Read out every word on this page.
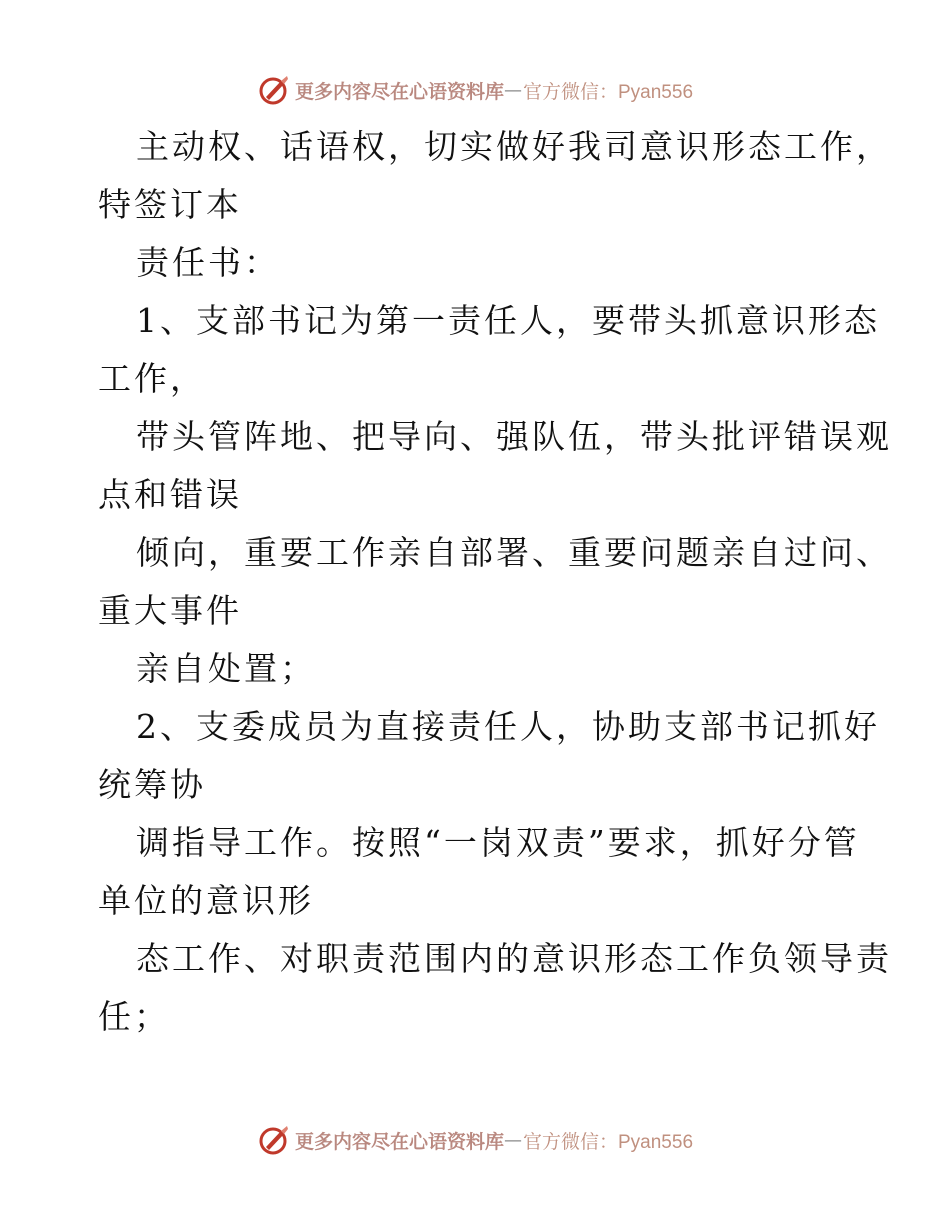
更多内容尽在心语资料库 — 官方微信：Pyan556
主动权、话语权，切实做好我司意识形态工作，
特签订本
责任书：
1、支部书记为第一责任人，要带头抓意识形态
工作，
带头管阵地、把导向、强队伍，带头批评错误观
点和错误
倾向，重要工作亲自部署、重要问题亲自过问、
重大事件
亲自处置；
2、支委成员为直接责任人，协助支部书记抓好
统筹协
调指导工作。按照“一岗双责”要求，抓好分管
单位的意识形
态工作、对职责范围内的意识形态工作负领导责
任；
更多内容尽在心语资料库 — 官方微信：Pyan556
